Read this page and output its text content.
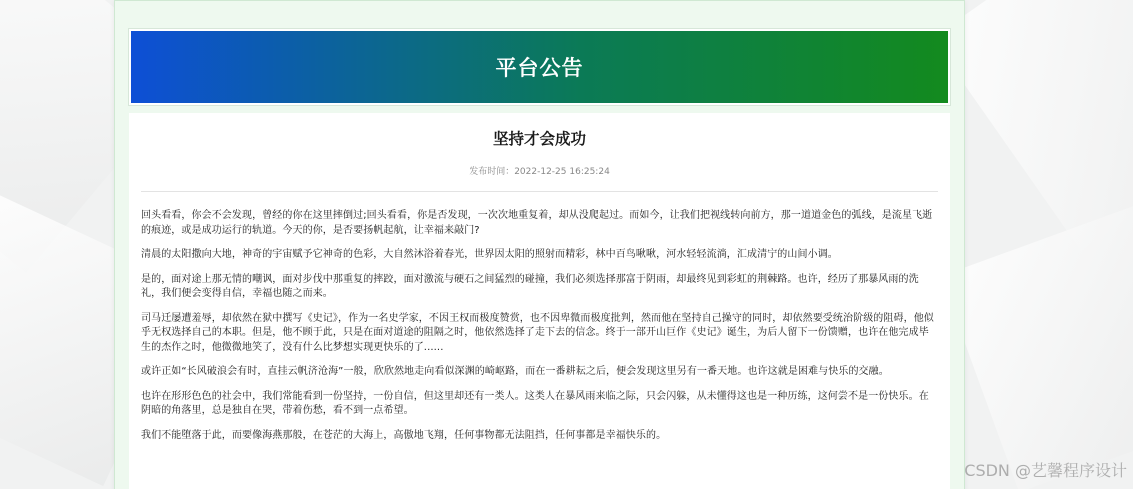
平台公告
坚持才会成功
发布时间：2022-12-25 16:25:24

回头看看，你会不会发现，曾经的你在这里摔倒过;回头看看，你是否发现，一次次地重复着，却从没爬起过。而如今，让我们把视线转向前方，那一道道金色的弧线，是流星飞逝的痕迹，或是成功运行的轨道。今天的你，是否要扬帆起航，让幸福来敲门?

清晨的太阳撒向大地，神奇的宇宙赋予它神奇的色彩，大自然沐浴着春光，世界因太阳的照射而精彩，林中百鸟啾啾，河水轻轻流淌，汇成清宁的山间小调。

是的，面对途上那无情的嘲讽，面对步伐中那重复的摔跤，面对激流与硬石之间猛烈的碰撞，我们必须选择那富于阴雨，却最终见到彩虹的荆棘路。也许，经历了那暴风雨的洗礼，我们便会变得自信，幸福也随之而来。

司马迁屡遭羞辱，却依然在狱中撰写《史记》，作为一名史学家，不因王权而极度赞赏，也不因卑微而极度批判，然而他在坚持自己操守的同时，却依然要受统治阶级的阻碍，他似乎无权选择自己的本职。但是，他不顾于此，只是在面对道途的阻隔之时，他依然选择了走下去的信念。终于一部开山巨作《史记》诞生，为后人留下一份馈赠，也许在他完成毕生的杰作之时，他微微地笑了，没有什么比梦想实现更快乐的了......

或许正如“长风破浪会有时，直挂云帆济沧海”一般，欣欣然地走向看似深渊的崎岖路，而在一番耕耘之后，便会发现这里另有一番天地。也许这就是困难与快乐的交融。

也许在形形色色的社会中，我们常能看到一份坚持，一份自信，但这里却还有一类人。这类人在暴风雨来临之际，只会闪躲，从未懂得这也是一种历练，这何尝不是一份快乐。在阴暗的角落里，总是独自在哭，带着伤愁，看不到一点希望。

我们不能堕落于此，而要像海燕那般，在苍茫的大海上，高傲地飞翔，任何事物都无法阻挡，任何事都是幸福快乐的。

CSDN @艺馨程序设计
